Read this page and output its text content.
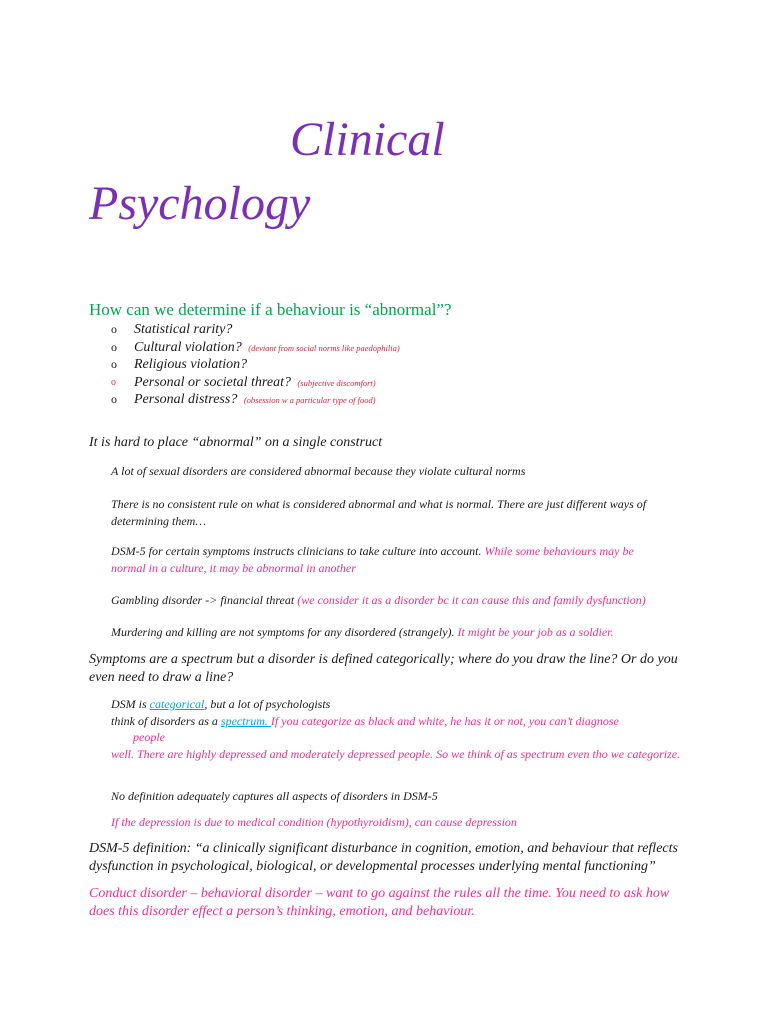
Clinical
Psychology
How can we determine if a behaviour is “abnormal”?
o Statistical rarity?
o Cultural violation? (deviant from social norms like paedophilia)
o Religious violation?
o Personal or societal threat? (subjective discomfort)
o Personal distress? (obsession w a particular type of food)
It is hard to place “abnormal” on a single construct
A lot of sexual disorders are considered abnormal because they violate cultural norms
There is no consistent rule on what is considered abnormal and what is normal. There are just different ways of determining them…
DSM-5 for certain symptoms instructs clinicians to take culture into account. While some behaviours may be normal in a culture, it may be abnormal in another
Gambling disorder -> financial threat (we consider it as a disorder bc it can cause this and family dysfunction)
Murdering and killing are not symptoms for any disordered (strangely). It might be your job as a soldier.
Symptoms are a spectrum but a disorder is defined categorically; where do you draw the line? Or do you even need to draw a line?
DSM is categorical, but a lot of psychologists
think of disorders as a spectrum. If you categorize as black and white, he has it or not, you can’t diagnose
people
well. There are highly depressed and moderately depressed people. So we think of as spectrum even tho we categorize.
No definition adequately captures all aspects of disorders in DSM-5
If the depression is due to medical condition (hypothyroidism), can cause depression
DSM-5 definition: “a clinically significant disturbance in cognition, emotion, and behaviour that reflects dysfunction in psychological, biological, or developmental processes underlying mental functioning”
Conduct disorder – behavioral disorder – want to go against the rules all the time. You need to ask how does this disorder effect a person’s thinking, emotion, and behaviour.
